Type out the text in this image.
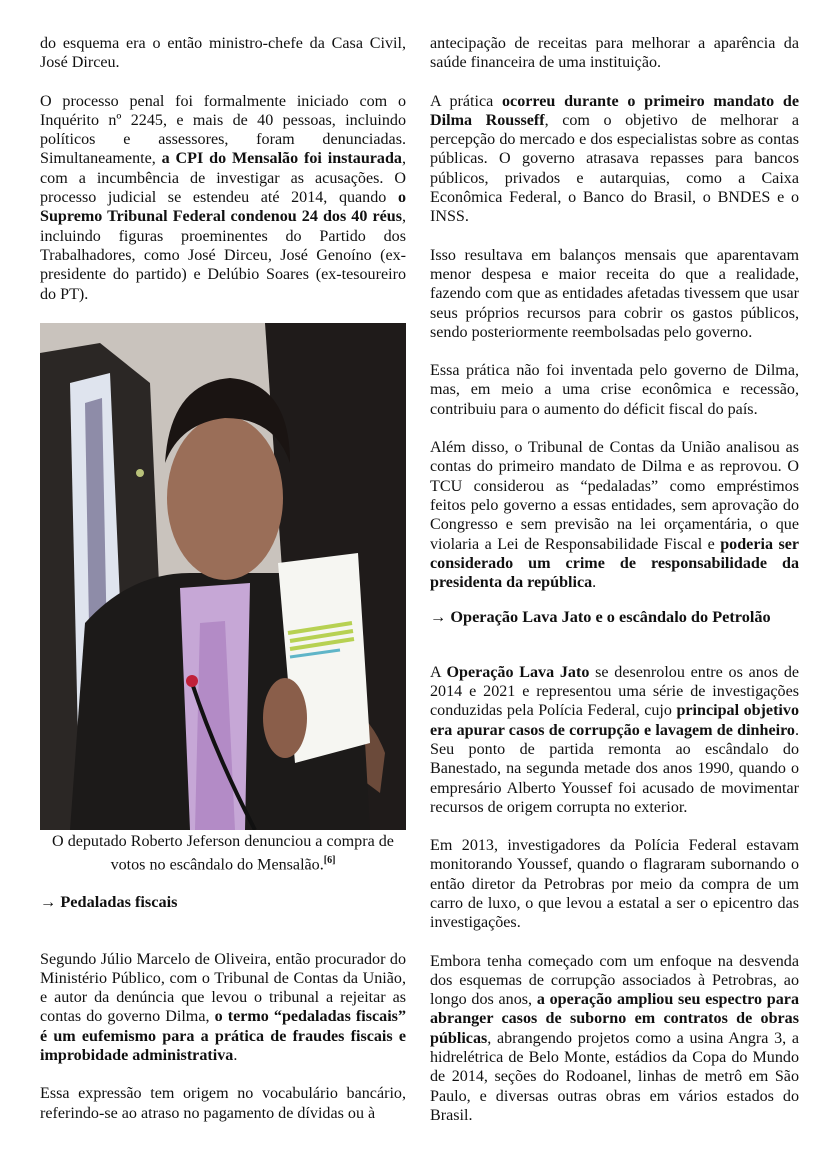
do esquema era o então ministro-chefe da Casa Civil, José Dirceu.

O processo penal foi formalmente iniciado com o Inquérito nº 2245, e mais de 40 pessoas, incluindo políticos e assessores, foram denunciadas. Simultaneamente, a CPI do Mensalão foi instaurada, com a incumbência de investigar as acusações. O processo judicial se estendeu até 2014, quando o Supremo Tribunal Federal condenou 24 dos 40 réus, incluindo figuras proeminentes do Partido dos Trabalhadores, como José Dirceu, José Genoíno (ex-presidente do partido) e Delúbio Soares (ex-tesoureiro do PT).

O deputado Roberto Jeferson denunciou a compra de votos no escândalo do Mensalão.[6]

→ Pedaladas fiscais

Segundo Júlio Marcelo de Oliveira, então procurador do Ministério Público, com o Tribunal de Contas da União, e autor da denúncia que levou o tribunal a rejeitar as contas do governo Dilma, o termo “pedaladas fiscais” é um eufemismo para a prática de fraudes fiscais e improbidade administrativa.

Essa expressão tem origem no vocabulário bancário, referindo-se ao atraso no pagamento de dívidas ou à

antecipação de receitas para melhorar a aparência da saúde financeira de uma instituição.

A prática ocorreu durante o primeiro mandato de Dilma Rousseff, com o objetivo de melhorar a percepção do mercado e dos especialistas sobre as contas públicas. O governo atrasava repasses para bancos públicos, privados e autarquias, como a Caixa Econômica Federal, o Banco do Brasil, o BNDES e o INSS.

Isso resultava em balanços mensais que aparentavam menor despesa e maior receita do que a realidade, fazendo com que as entidades afetadas tivessem que usar seus próprios recursos para cobrir os gastos públicos, sendo posteriormente reembolsadas pelo governo.

Essa prática não foi inventada pelo governo de Dilma, mas, em meio a uma crise econômica e recessão, contribuiu para o aumento do déficit fiscal do país.

Além disso, o Tribunal de Contas da União analisou as contas do primeiro mandato de Dilma e as reprovou. O TCU considerou as “pedaladas” como empréstimos feitos pelo governo a essas entidades, sem aprovação do Congresso e sem previsão na lei orçamentária, o que violaria a Lei de Responsabilidade Fiscal e poderia ser considerado um crime de responsabilidade da presidenta da república.

→ Operação Lava Jato e o escândalo do Petrolão

A Operação Lava Jato se desenrolou entre os anos de 2014 e 2021 e representou uma série de investigações conduzidas pela Polícia Federal, cujo principal objetivo era apurar casos de corrupção e lavagem de dinheiro. Seu ponto de partida remonta ao escândalo do Banestado, na segunda metade dos anos 1990, quando o empresário Alberto Youssef foi acusado de movimentar recursos de origem corrupta no exterior.

Em 2013, investigadores da Polícia Federal estavam monitorando Youssef, quando o flagraram subornando o então diretor da Petrobras por meio da compra de um carro de luxo, o que levou a estatal a ser o epicentro das investigações.

Embora tenha começado com um enfoque na desvenda dos esquemas de corrupção associados à Petrobras, ao longo dos anos, a operação ampliou seu espectro para abranger casos de suborno em contratos de obras públicas, abrangendo projetos como a usina Angra 3, a hidrelétrica de Belo Monte, estádios da Copa do Mundo de 2014, seções do Rodoanel, linhas de metrô em São Paulo, e diversas outras obras em vários estados do Brasil.
